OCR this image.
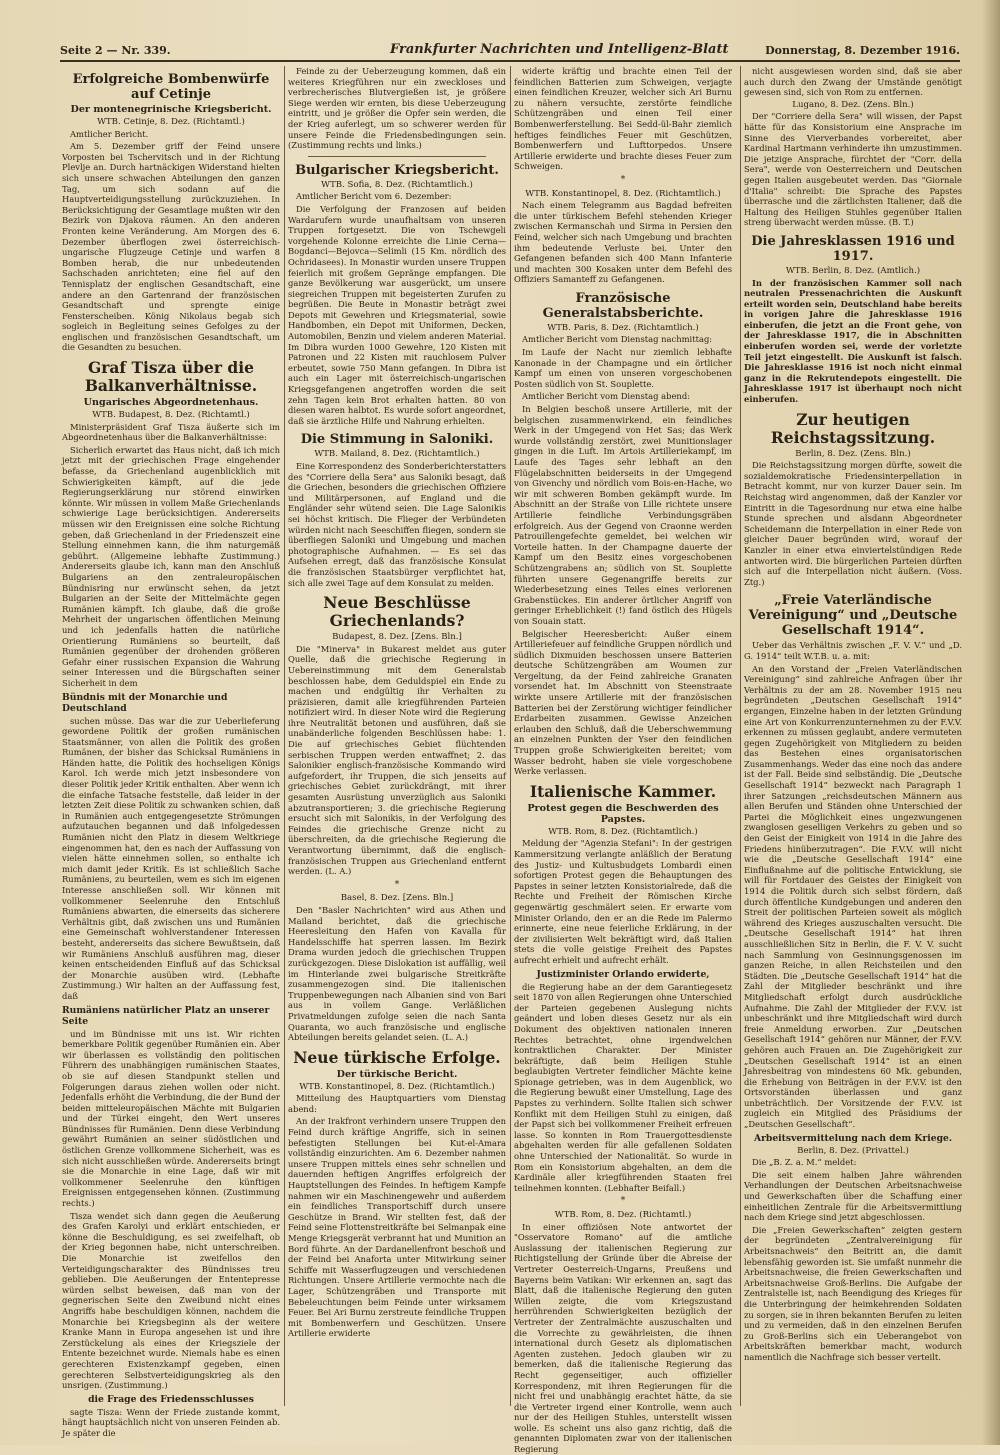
Seite 2 — Nr. 339.	Frankfurter Nachrichten und Intelligenz-Blatt	Donnerstag, 8. Dezember 1916.
Erfolgreiche Bombenwürfe auf Cetinje
Der montenegrinische Kriegsbericht.
WTB. Cetinje, 8. Dez. (Richtamtl.)

Amtlicher Bericht.

Am 5. Dezember griff der Feind unsere Vorposten bei Tschervitsch und in der Richtung Plevlje an. Durch hartnäckigen Widerstand hielten sich unsere schwachen Abteilungen den ganzen Tag, um sich sodann auf die Hauptverteidigungsstellung zurückzuziehen. In Berücksichtigung der Gesamtlage mußten wir den Bezirk von Djakova räumen. An den anderen Fronten keine Veränderung. Am Morgen des 6. Dezember überflogen zwei österreichisch-ungarische Flugzeuge Cetinje und warfen 8 Bomben herab, die nur unbedeutenden Sachschaden anrichteten; eine fiel auf den Tennisplatz der englischen Gesandtschaft, eine andere an den Gartenrand der französischen Gesandtschaft und sprengte einige Fensterscheiben. König Nikolaus begab sich sogleich in Begleitung seines Gefolges zu der englischen und französischen Gesandtschaft, um die Gesandten zu besuchen.

Graf Tisza über die Balkanverhältnisse.
Ungarisches Abgeordnetenhaus.
WTB. Budapest, 8. Dez. (Richtamtl.)

Ministerpräsident Graf Tisza äußerte sich im Abgeordnetenhaus über die Balkanverhältnisse:

Sicherlich erwartet das Haus nicht, daß ich mich jetzt mit der griechischen Frage eingehender befasse, da Griechenland augenblicklich mit Schwierigkeiten kämpft, auf die jede Regierungserklärung nur störend einwirken könnte. Wir müssen in vollem Maße Griechenlands schwierige Lage berücksichtigen. Andererseits müssen wir den Ereignissen eine solche Richtung geben, daß Griechenland in der Friedenszeit eine Stellung einnehmen kann, die ihm naturgemäß gebührt. (Allgemeine lebhafte Zustimmung.) Andererseits glaube ich, kann man den Anschluß Bulgariens an den zentraleuropäischen Bündnisring nur erwünscht sehen, da jetzt Bulgarien an der Seite der Mittelmächte gegen Rumänien kämpft. Ich glaube, daß die große Mehrheit der ungarischen öffentlichen Meinung und ich jedenfalls hatten die natürliche Orientierung Rumäniens so beurteilt, daß Rumänien gegenüber der drohenden größeren Gefahr einer russischen Expansion die Wahrung seiner Interessen und die Bürgschaften seiner Sicherheit in dem

Bündnis mit der Monarchie und Deutschland

suchen müsse. Das war die zur Ueberlieferung gewordene Politik der großen rumänischen Staatsmänner, von allen die Politik des großen Rumänen, der bisher das Schicksal Rumäniens in Händen hatte, die Politik des hochseligen Königs Karol. Ich werde mich jetzt insbesondere von dieser Politik jeder Kritik enthalten. Aber wenn ich die einfache Tatsache feststelle, daß leider in der letzten Zeit diese Politik zu schwanken schien, daß in Rumänien auch entgegengesetzte Strömungen aufzutauchen begannen und daß infolgedessen Rumänien nicht den Platz in diesem Weltkriege eingenommen hat, den es nach der Auffassung von vielen hätte einnehmen sollen, so enthalte ich mich damit jeder Kritik. Es ist schließlich Sache Rumäniens, zu beurteilen, wem es sich im eigenen Interesse anschließen soll. Wir können mit vollkommener Seelenruhe den Entschluß Rumäniens abwarten, die einerseits das sicherere Verhältnis gibt, daß zwischen uns und Rumänien eine Gemeinschaft wohlverstandener Interessen besteht, andererseits das sichere Bewußtsein, daß wir Rumäniens Anschluß ausführen mag, dieser keinen entscheidenden Einfluß auf das Schicksal der Monarchie ausüben wird. (Lebhafte Zustimmung.) Wir halten an der Auffassung fest, daß

Rumäniens natürlicher Platz an unserer Seite

und im Bündnisse mit uns ist. Wir richten bemerkbare Politik gegenüber Rumänien ein. Aber wir überlassen es vollständig den politischen Führern des unabhängigen rumänischen Staates, ob sie auf diesen Standpunkt stellen und Folgerungen daraus ziehen wollen oder nicht. Jedenfalls erhöht die Verbindung, die der Bund der beiden mitteleuropäischen Mächte mit Bulgarien und der Türkei eingeht, den Wert unseres Bündnisses für Rumänien. Denn diese Verbindung gewährt Rumänien an seiner südöstlichen und östlichen Grenze vollkommene Sicherheit, was es sich nicht ausschließen würde. Andererseits bringt sie die Monarchie in eine Lage, daß wir mit vollkommener Seelenruhe den künftigen Ereignissen entgegensehen können. (Zustimmung rechts.)

Tisza wendet sich dann gegen die Aeußerung des Grafen Karolyi und erklärt entschieden, er könne die Beschuldigung, es sei zweifelhaft, ob der Krieg begonnen habe, nicht unterschreiben. Die Monarchie ist zweifellos den Verteidigungscharakter des Bündnisses treu geblieben. Die Aeußerungen der Ententepresse würden selbst beweisen, daß man von der gegnerischen Seite den Zweibund nicht eines Angriffs habe beschuldigen können, nachdem die Monarchie bei Kriegsbeginn als der weitere Kranke Mann in Europa angesehen ist und ihre Zerstückelung als eines der Kriegsziele der Entente bezeichnet wurde. Niemals habe es einen gerechteren Existenzkampf gegeben, einen gerechteren Selbstverteidigungskrieg als den unsrigen. (Zustimmung.)

die Frage des Friedensschlusses

sagte Tisza: Wenn der Friede zustande kommt, hängt hauptsächlich nicht von unseren Feinden ab. Je später die

Feinde zu der Ueberzeugung kommen, daß ein weiteres Kriegführen nur ein zweckloses und verbrecherisches Blutvergießen ist, je größere Siege werden wir ernten, bis diese Ueberzeugung eintritt, und je größer die Opfer sein werden, die der Krieg auferlegt, um so schwerer werden für unsere Feinde die Friedensbedingungen sein. (Zustimmung rechts und links.)

Bulgarischer Kriegsbericht.
WTB. Sofia, 8. Dez. (Richtamtlich.)

Amtlicher Bericht vom 6. Dezember:

Die Verfolgung der Franzosen auf beiden Wardarufern wurde unaufhaltsam von unseren Truppen fortgesetzt. Die von Tschewgeli vorgehende Kolonne erreichte die Linie Cerna—Bogdanci—Bejovca—Selimli (15 Km. nördlich des Ochridasees). In Monastir wurden unsere Truppen feierlich mit großem Gepränge empfangen. Die ganze Bevölkerung war ausgerückt, um unsere siegreichen Truppen mit begeisterten Zurufen zu begrüßen. Die Beute in Monastir beträgt zwei Depots mit Gewehren und Kriegsmaterial, sowie Handbomben, ein Depot mit Uniformen, Decken, Automobilen, Benzin und vielem anderen Material. Im Dibra wurden 1000 Gewehre, 120 Kisten mit Patronen und 22 Kisten mit rauchlosem Pulver erbeutet, sowie 750 Mann gefangen. In Dibra ist auch ein Lager mit österreichisch-ungarischen Kriegsgefangenen angetroffen worden die seit zehn Tagen kein Brot erhalten hatten. 80 von diesen waren halbtot. Es wurde sofort angeordnet, daß sie ärztliche Hilfe und Nahrung erhielten.

Die Stimmung in Saloniki.
WTB. Mailand, 8. Dez. (Richtamtlich.)

Eine Korrespondenz des Sonderberichterstatters des "Corriere della Sera" aus Saloniki besagt, daß die Griechen, besonders die griechischen Offiziere und Militärpersonen, auf England und die Engländer sehr wütend seien. Die Lage Salonikis sei höchst kritisch. Die Flieger der Verbündeten würden nicht nach Seeschiffen fliegen, sondern sie überfliegen Saloniki und Umgebung und machen photographische Aufnahmen. — Es sei das Aufsehen erregt, daß das französische Konsulat die französischen Staatsbürger verpflichtet hat, sich alle zwei Tage auf dem Konsulat zu melden.

Neue Beschlüsse Griechenlands?
Budapest, 8. Dez. [Zens. Bln.]

Die "Minerva" in Bukarest meldet aus guter Quelle, daß die griechische Regierung in Uebereinstimmung mit dem Generalstab beschlossen habe, dem Geduldspiel ein Ende zu machen und endgültig ihr Verhalten zu präzisieren, damit alle kriegführenden Parteien notifiziert wird. In dieser Note wird die Regierung ihre Neutralität betonen und ausführen, daß sie unabänderliche folgenden Beschlüssen habe: 1. Die auf griechisches Gebiet flüchtenden serbischen Truppen werden entwaffnet; 2. das Salonikier englisch-französische Kommando wird aufgefordert, ihr Truppen, die sich jenseits auf griechisches Gebiet zurückdrängt, mit ihrer gesamten Ausrüstung unverzüglich aus Saloniki abzutransportieren; 3. die griechische Regierung ersucht sich mit Salonikis, in der Verfolgung des Feindes die griechische Grenze nicht zu überschreiten, da die griechische Regierung die Verantwortung übernimmt, daß die englisch-französischen Truppen aus Griechenland entfernt werden. (L. A.)

*
Basel, 8. Dez. [Zens. Bln.]

Den "Basler Nachrichten" wird aus Athen und Mailand berichtet, daß die griechische Heeresleitung den Hafen von Kavalla für Handelsschiffe hat sperren lassen. Im Bezirk Drama wurden jedoch die griechischen Truppen zurückgezogen. Diese Dislokation ist auffällig, weil im Hinterlande zwei bulgarische Streitkräfte zusammengezogen sind. Die italienischen Truppenbewegungen nach Albanien sind von Bari aus in vollem Gange. Verläßlichen Privatmeldungen zufolge seien die nach Santa Quaranta, wo auch französische und englische Abteilungen bereits gelandet seien. (L. A.)

Neue türkische Erfolge.
Der türkische Bericht.
WTB. Konstantinopel, 8. Dez. (Richtamtlich.)

Mitteilung des Hauptquartiers vom Dienstag abend:

An der Irakfront verhindern unsere Truppen den Feind durch kräftige Angriffe, sich in seinen befestigten Stellungen bei Kut-el-Amara vollständig einzurichten. Am 6. Dezember nahmen unsere Truppen mittels eines sehr schnellen und dauernden heftigen Angriffes erfolgreich der Hauptstellungen des Feindes. In heftigem Kampfe nahmen wir ein Maschinengewehr und außerdem ein feindliches Transportschiff durch unsere Geschütze in Brand. Wir stellten fest, daß der Feind seine Flottenstreitkräfte bei Selmanpak eine Menge Kriegsgerät verbrannt hat und Munition an Bord führte. An der Dardanellenfront beschoß und der Feind bei Anaforta unter Mitwirkung seiner Schiffe mit Wasserflugzeugen und verschiedenen Richtungen. Unsere Artillerie vermochte nach die Lager, Schützengräben und Transporte mit Bebeleuchtungen beim Feinde unter wirksamem Feuer. Bei Ari Burnu zerstreute feindliche Truppen mit Bombenwerfern und Geschützen. Unsere Artillerie erwiderte

widerte kräftig und brachte einen Teil der feindlichen Batterien zum Schweigen, verjagte einen feindlichen Kreuzer, welcher sich Ari Burnu zu nähern versuchte, zerstörte feindliche Schützengräben und einen Teil einer Bombenwerferstellung. Bei Sedd-ül-Bahr ziemlich heftiges feindliches Feuer mit Geschützen, Bombenwerfern und Lufttorpedos. Unsere Artillerie erwiderte und brachte dieses Feuer zum Schweigen.

*
WTB. Konstantinopel, 8. Dez. (Richtamtlich.)

Nach einem Telegramm aus Bagdad befreiten die unter türkischem Befehl stehenden Krieger zwischen Kermanschah und Sirma in Persien den Feind, welcher sich nach Umgebung und brachten ihm bedeutende Verluste bei. Unter den Gefangenen befanden sich 400 Mann Infanterie und machten 300 Kosaken unter dem Befehl des Offiziers Samanteff zu Gefangenen.

Französische Generalstabsberichte.
WTB. Paris, 8. Dez. (Richtamtlich.)

Amtlicher Bericht vom Dienstag nachmittag:

Im Laufe der Nacht nur ziemlich lebhafte Kanonade in der Champagne und ein örtlicher Kampf um einen von unseren vorgeschobenen Posten südlich von St. Souplette.

Amtlicher Bericht vom Dienstag abend:

In Belgien beschoß unsere Artillerie, mit der belgischen zusammenwirkend, ein feindliches Werk in der Umgegend von Het Sas; das Werk wurde vollständig zerstört, zwei Munitionslager gingen in die Luft. Im Artois Artilleriekampf, im Laufe des Tages sehr lebhaft an den Flügelabschnitten beiderseits in der Umgegend von Givenchy und nördlich vom Bois-en-Hache, wo wir mit schweren Bomben gekämpft wurde. Im Abschnitt an der Straße von Lille richtete unsere Artillerie feindliche Verbindungsgräben erfolgreich. Aus der Gegend von Craonne werden Patrouillengefechte gemeldet, bei welchen wir Vorteile hatten. In der Champagne dauerte der Kampf um den Besitz eines vorgeschobenen Schützengrabens an; südlich von St. Souplette führten unsere Gegenangriffe bereits zur Wiederbesetzung eines Teiles eines verlorenen Grabenstückes. Ein anderer örtlicher Angriff von geringer Erheblichkeit (!) fand östlich des Hügels von Souain statt.

Belgischer Heeresbericht: Außer einem Artilleriefeuer auf feindliche Gruppen nördlich und südlich Dixmuiden beschossen unsere Batterien deutsche Schützengräben am Woumen zur Vergeltung, da der Feind zahlreiche Granaten vorsendet hat. Im Abschnitt von Steenstraate wirkte unsere Artillerie mit der französischen Batterien bei der Zerstörung wichtiger feindlicher Erdarbeiten zusammen. Gewisse Anzeichen erlauben den Schluß, daß die Ueberschwemmung an einzelnen Punkten der Yser den feindlichen Truppen große Schwierigkeiten bereitet; vom Wasser bedroht, haben sie viele vorgeschobene Werke verlassen.

Italienische Kammer.
Protest gegen die Beschwerden des Papstes.
WTB. Rom, 8. Dez. (Richtamtlich.)

Meldung der "Agenzia Stefani": In der gestrigen Kammersitzung verlangte anläßlich der Beratung des Justiz- und Kultusbudgets Lombardi einen sofortigen Protest gegen die Behauptungen des Papstes in seiner letzten Konsistorialrede, daß die Rechte und Freiheit der Römischen Kirche gegenwärtig geschmälert seien. Er erwarte vom Minister Orlando, den er an die Rede im Palermo erinnerte, eine neue feierliche Erklärung, in der der zivilisierten Welt bekräftigt wird, daß Italien stets die volle geistige Freiheit des Papstes aufrecht erhielt und aufrecht erhält.

Justizminister Orlando erwiderte,

die Regierung habe an der dem Garantiegesetz seit 1870 von allen Regierungen ohne Unterschied der Parteien gegebenen Auslegung nichts geändert und loben dieses Gesetz nur als ein Dokument des objektiven nationalen inneren Rechtes betrachtet, ohne irgendwelchen kontraktlichen Charakter. Der Minister bekräftigte, daß beim Heiligen Stuhle beglaubigten Vertreter feindlicher Mächte keine Spionage getrieben, was in dem Augenblick, wo die Regierung bewußt einer Umstellung, Lage des Papstes zu verhindern. Sollte Italien sich schwer Konflikt mit dem Heiligen Stuhl zu einigen, daß der Papst sich bei vollkommener Freiheit erfreuen lasse. So konnten in Rom Trauergottesdienste abgehalten werden für alle gefallenen Soldaten ohne Unterschied der Nationalität. So wurde in Rom ein Konsistorium abgehalten, an dem die Kardinäle aller kriegführenden Staaten frei teilnehmen konnten. (Lebhafter Beifall.)

*
WTB. Rom, 8. Dez. (Richtamtl.)

In einer offiziösen Note antwortet der "Osservatore Romano" auf die amtliche Auslassung der italienischen Regierung zur Richtigstellung der Gründe über die Abreise der Vertreter Oesterreich-Ungarns, Preußens und Bayerns beim Vatikan: Wir erkennen an, sagt das Blatt, daß die italienische Regierung den guten Willen zeigte, die vom Kriegszustand herrührenden Schwierigkeiten bezüglich der Vertreter der Zentralmächte auszuschalten und die Vorrechte zu gewährleisten, die ihnen international durch Gesetz als diplomatischen Agenten zustehen. Jedoch glauben wir zu bemerken, daß die italienische Regierung das Recht gegenseitiger, auch offizieller Korrespondenz, mit ihren Regierungen für die nicht frei und unabhängig erachtet hätte, da sie die Vertreter irgend einer Kontrolle, wenn auch nur der des Heiligen Stuhles, unterstellt wissen wolle. Es scheint uns also ganz richtig, daß die genannten Diplomaten zwar von der italienischen Regierung

nicht ausgewiesen worden sind, daß sie aber auch durch den Zwang der Umstände genötigt gewesen sind, sich von Rom zu entfernen.

Lugano, 8. Dez. (Zens. Bln.)

Der "Corriere della Sera" will wissen, der Papst hätte für das Konsistorium eine Ansprache im Sinne des Vierverbandes vorbereitet, aber Kardinal Hartmann verhinderte ihn umzustimmen. Die jetzige Ansprache, fürchtet der "Corr. della Sera", werde von Oesterreichern und Deutschen gegen Italien ausgebeutet werden. Das "Giornale d'Italia" schreibt: Die Sprache des Papstes überrasche und die zärtlichsten Italiener, daß die Haltung des Heiligen Stuhles gegenüber Italien streng überwacht werden müsse. (B. T.)

Die Jahresklassen 1916 und 1917.
WTB. Berlin, 8. Dez. (Amtlich.)

In der französischen Kammer soll nach neutralen Pressenachrichten die Auskunft erteilt worden sein, Deutschland habe bereits in vorigen Jahre die Jahresklasse 1916 einberufen, die jetzt an die Front gehe, von der Jahresklasse 1917, die in Abschnitten einberufen worden sei, werde der vorletzte Teil jetzt eingestellt. Die Auskunft ist falsch. Die Jahresklasse 1916 ist noch nicht einmal ganz in die Rekrutendepots eingestellt. Die Jahresklasse 1917 ist überhaupt noch nicht einberufen.

Zur heutigen Reichstagssitzung.
Berlin, 8. Dez. (Zens. Bln.)

Die Reichstagssitzung morgen dürfte, soweit die sozialdemokratische Friedensinterpellation in Betracht kommt, nur von kurzer Dauer sein. Im Reichstag wird angenommen, daß der Kanzler vor Eintritt in die Tagesordnung nur etwa eine halbe Stunde sprechen und alsdann Abgeordneter Scheidemann die Interpellation in einer Rede von gleicher Dauer begründen wird, worauf der Kanzler in einer etwa einviertelstündigen Rede antworten wird. Die bürgerlichen Parteien dürften sich auf die Interpellation nicht äußern. (Voss. Ztg.)

„Freie Vaterländische Vereinigung“ und „Deutsche Gesellschaft 1914“.

Ueber das Verhältnis zwischen „F. V. V.“ und „D. G. 1914“ teilt W.T.B. u. a. mit:

An den Vorstand der „Freien Vaterländischen Vereinigung“ sind zahlreiche Anfragen über ihr Verhältnis zu der am 28. November 1915 neu begründeten „Deutschen Gesellschaft 1914“ ergangen, Einzelne haben in der letzten Gründung eine Art von Konkurrenzunternehmen zu der F.V.V. erkennen zu müssen geglaubt, andere vermuteten gegen Zugehörigkeit von Mitgliedern zu beiden das Bestehen eines organisatorischen Zusammenhangs. Weder das eine noch das andere ist der Fall. Beide sind selbständig. Die „Deutsche Gesellschaft 1914“ bezweckt nach Paragraph 1 ihrer Satzungen „reichsdeutschen Männern aus allen Berufen und Ständen ohne Unterschied der Partei die Möglichkeit eines ungezwungenen zwanglosen geselligen Verkehrs zu geben und so den Geist der Einigkeit von 1914 in die Jahre des Friedens hinüberzutragen“. Die F.V.V. will nicht wie die „Deutsche Gesellschaft 1914“ eine Einflußnahme auf die politische Entwicklung, sie will für Fortdauer des Geistes der Einigkeit von 1914 die Politik durch sich selbst fördern, daß durch öffentliche Kundgebungen und anderen den Streit der politischen Parteien soweit als möglich während des Krieges auszuschalten versucht. Die „Deutsche Gesellschaft 1914“ hat ihren ausschließlichen Sitz in Berlin, die F. V. V. sucht nach Sammlung von Gesinnungsgenossen im ganzen Reiche, in allen Reichsteilen und den Städten. Die „Deutsche Gesellschaft 1914“ hat die Zahl der Mitglieder beschränkt und ihre Mitgliedschaft erfolgt durch ausdrückliche Aufnahme. Die Zahl der Mitglieder der F.V.V. ist unbeschränkt und ihre Mitgliedschaft wird durch freie Anmeldung erworben. Zur „Deutschen Gesellschaft 1914“ gehören nur Männer, der F.V.V. gehören auch Frauen an. Die Zugehörigkeit zur „Deutschen Gesellschaft 1914“ ist an einen Jahresbeitrag von mindestens 60 Mk. gebunden, die Erhebung von Beiträgen in der F.V.V. ist den Ortsvorständen überlassen und ganz unbeträchtlich. Der Vorsitzende der F.V.V. ist zugleich ein Mitglied des Präsidiums der „Deutschen Gesellschaft“.

Arbeitsvermittelung nach dem Kriege.
Berlin, 8. Dez. (Privattel.)

Die „B. Z. a. M.“ meldet:

Die seit einem halben Jahre währenden Verhandlungen der Deutschen Arbeitsnachweise und Gewerkschaften über die Schaffung einer einheitlichen Zentrale für die Arbeitsvermittlung nach dem Kriege sind jetzt abgeschlossen.

Die „Freien Gewerkschaften“ zeigten gestern der begründeten „Zentralvereinigung für Arbeitsnachweis“ den Beitritt an, die damit lebensfähig geworden ist. Sie umfaßt nunmehr die Arbeitsnachweise, die freien Gewerkschaften und Arbeitsnachweise Groß-Berlins. Die Aufgabe der Zentralstelle ist, nach Beendigung des Krieges für die Unterbringung der heimkehrenden Soldaten zu sorgen, sie in ihren bekannten Berufen zu leiten und zu vermeiden, daß in den einzelnen Berufen zu Groß-Berlins sich ein Ueberangebot von Arbeitskräften bemerkbar macht, wodurch namentlich die Nachfrage sich besser verteilt.
